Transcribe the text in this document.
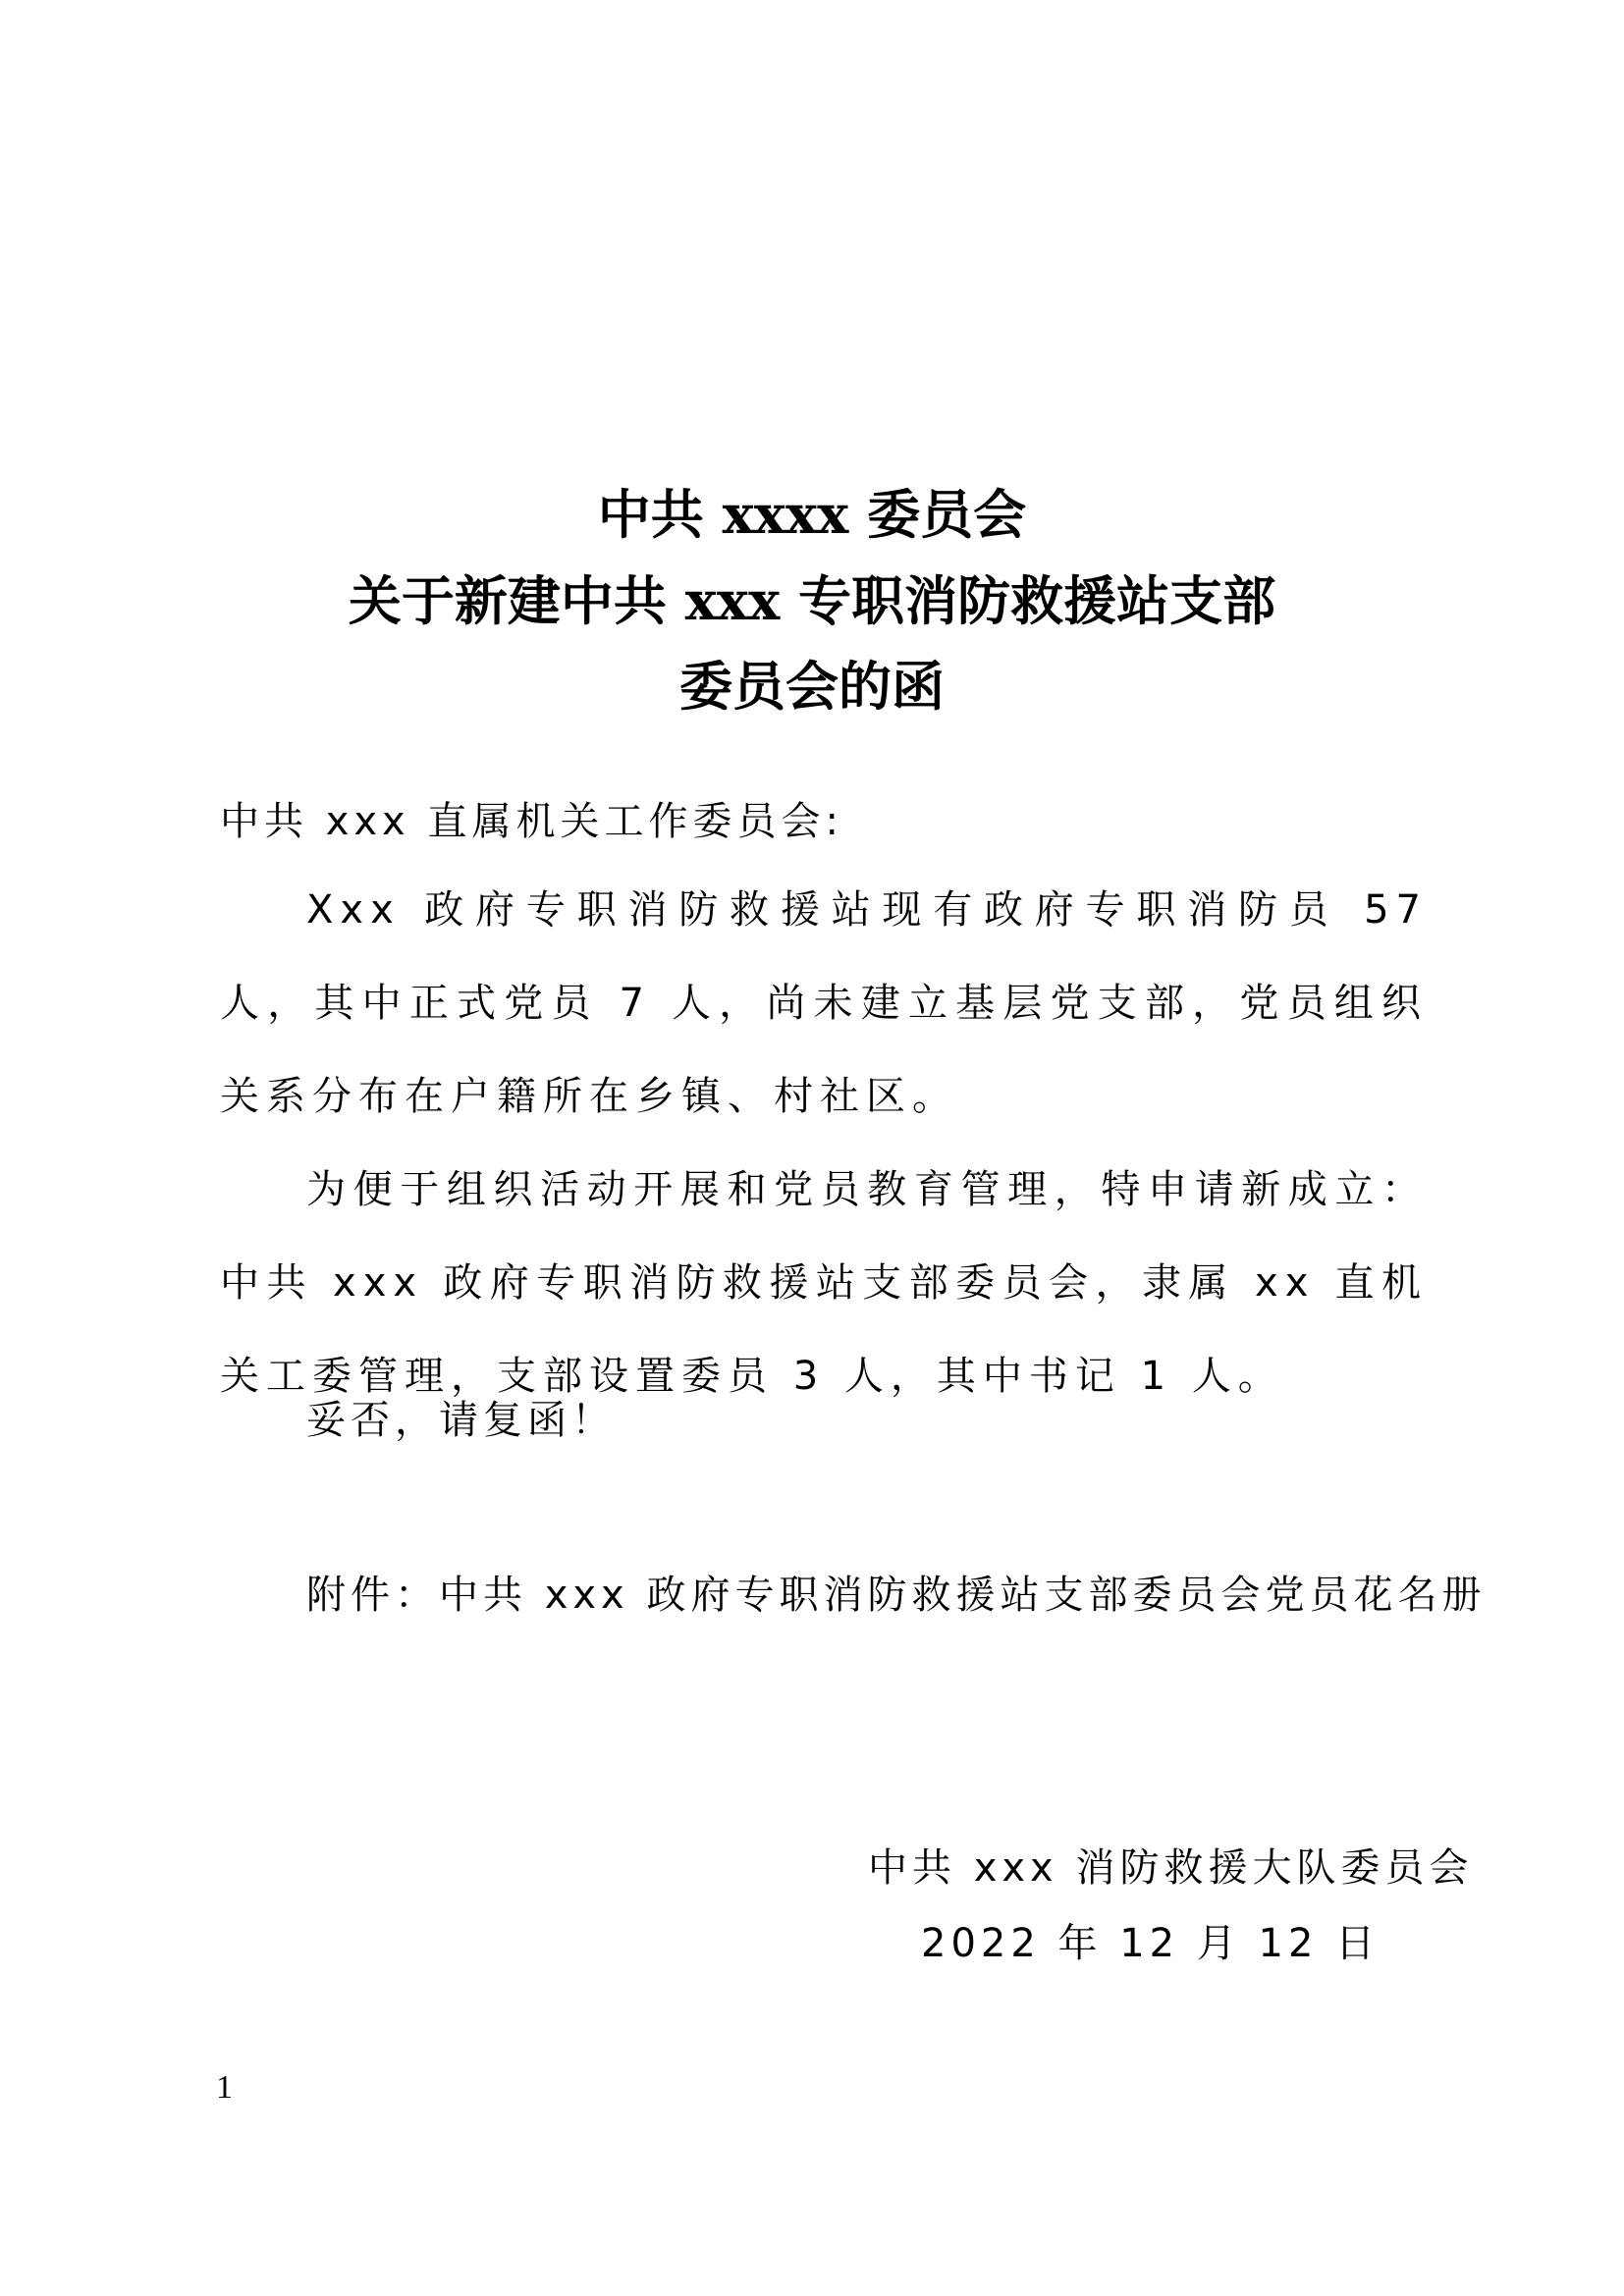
中共 xxxx 委员会
关于新建中共 xxx 专职消防救援站支部
委员会的函
中共 xxx 直属机关工作委员会:
Xxx 政府专职消防救援站现有政府专职消防员 57 人，其中正式党员 7 人，尚未建立基层党支部，党员组织关系分布在户籍所在乡镇、村社区。
为便于组织活动开展和党员教育管理，特申请新成立：中共 xxx 政府专职消防救援站支部委员会，隶属 xx 直机关工委管理，支部设置委员 3 人，其中书记 1 人。
妥否，请复函！
附件：中共 xxx 政府专职消防救援站支部委员会党员花名册
中共 xxx 消防救援大队委员会
2022 年 12 月 12 日
1
